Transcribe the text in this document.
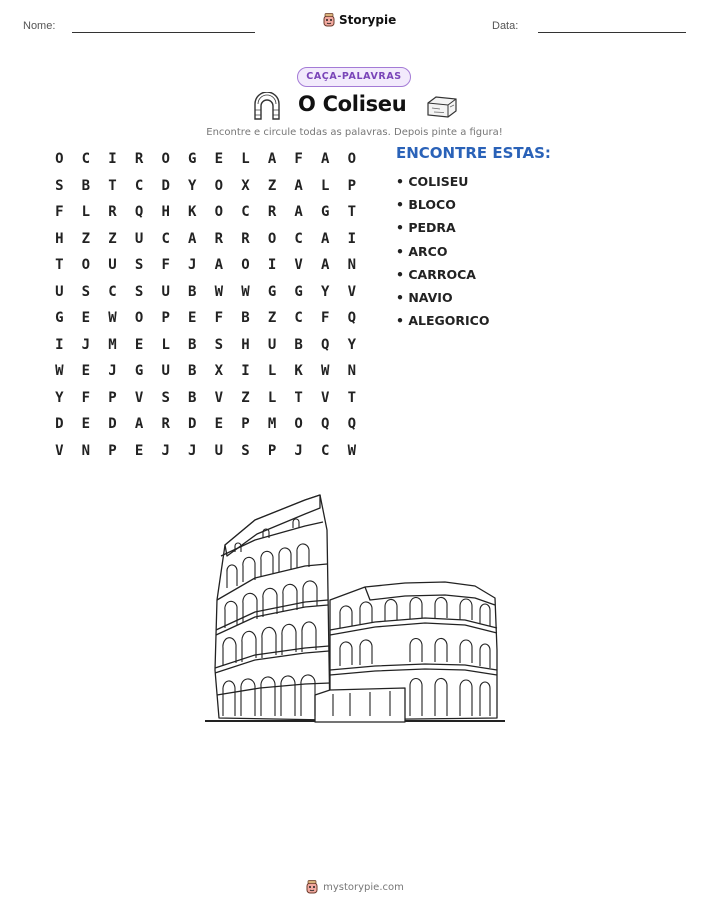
Nome:	Storypie	Data:
CAÇA-PALAVRAS
O Coliseu
Encontre e circule todas as palavras. Depois pinte a figura!
O	C	I	R	O	G	E	L	A	F	A	O
S	B	T	C	D	Y	O	X	Z	A	L	P
F	L	R	Q	H	K	O	C	R	A	G	T
H	Z	Z	U	C	A	R	R	O	C	A	I
T	O	U	S	F	J	A	O	I	V	A	N
U	S	C	S	U	B	W	W	G	G	Y	V
G	E	W	O	P	E	F	B	Z	C	F	Q
I	J	M	E	L	B	S	H	U	B	Q	Y
W	E	J	G	U	B	X	I	L	K	W	N
Y	F	P	V	S	B	V	Z	L	T	V	T
D	E	D	A	R	D	E	P	M	O	Q	Q
V	N	P	E	J	J	U	S	P	J	C	W
ENCONTRE ESTAS:
• COLISEU
• BLOCO
• PEDRA
• ARCO
• CARROCA
• NAVIO
• ALEGORICO
mystorypie.com
